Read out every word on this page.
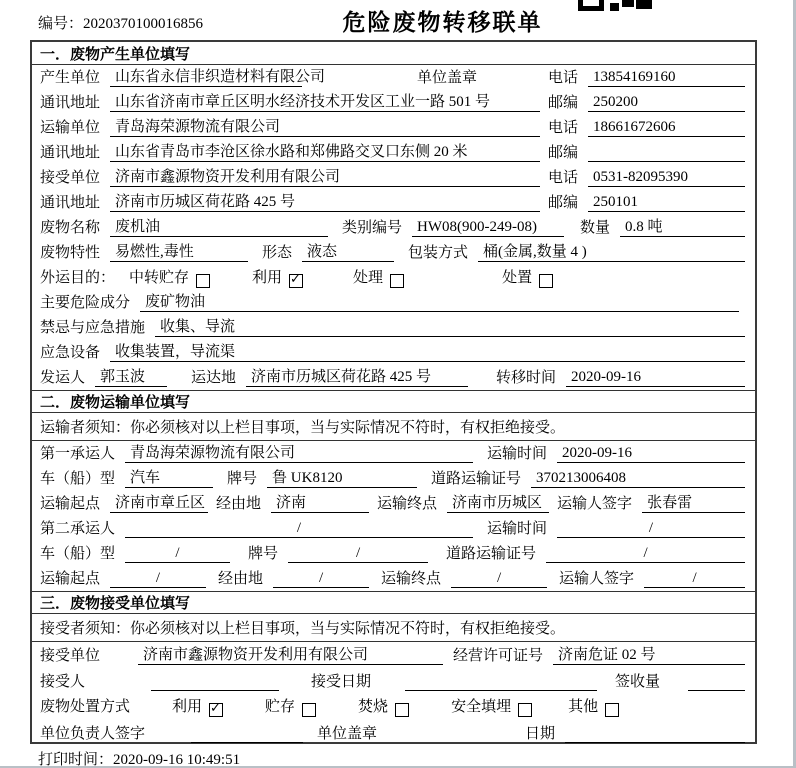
编号：2020370100016856	危险废物转移联单
一．废物产生单位填写
产生单位	山东省永信非织造材料有限公司	单位盖章	电话	13854169160
通讯地址	山东省济南市章丘区明水经济技术开发区工业一路 501 号	邮编	250200
运输单位	青岛海荣源物流有限公司	电话	18661672606
通讯地址	山东省青岛市李沧区徐水路和郑佛路交叉口东侧 20 米	邮编
接受单位	济南市鑫源物资开发利用有限公司	电话	0531-82095390
通讯地址	济南市历城区荷花路 425 号	邮编	250101
废物名称	废机油	类别编号	HW08(900-249-08)	数量	0.8 吨
废物特性	易燃性,毒性	形态	液态	包装方式	桶(金属,数量 4 )
外运目的： 中转贮存	利用 ✓	处理	处置
主要危险成分	废矿物油
禁忌与应急措施	收集、导流
应急设备	收集装置，导流渠
发运人	郭玉波	运达地	济南市历城区荷花路 425 号	转移时间	2020-09-16
二．废物运输单位填写
运输者须知：你必须核对以上栏目事项，当与实际情况不符时，有权拒绝接受。
第一承运人	青岛海荣源物流有限公司	运输时间	2020-09-16
车（船）型	汽车	牌号	鲁 UK8120	道路运输证号	370213006408
运输起点	济南市章丘区 经由地	济南	运输终点	济南市历城区 运输人签字	张春雷
第二承运人	/	运输时间	/
车（船）型	/	牌号	/	道路运输证号	/
运输起点	/	经由地	/	运输终点	/	运输人签字	/
三．废物接受单位填写
接受者须知：你必须核对以上栏目事项，当与实际情况不符时，有权拒绝接受。
接受单位	济南市鑫源物资开发利用有限公司	经营许可证号	济南危证 02 号
接受人	接受日期	签收量
废物处置方式	利用 ✓	贮存	焚烧	安全填埋	其他
单位负责人签字	单位盖章	日期
打印时间：2020-09-16 10:49:51
